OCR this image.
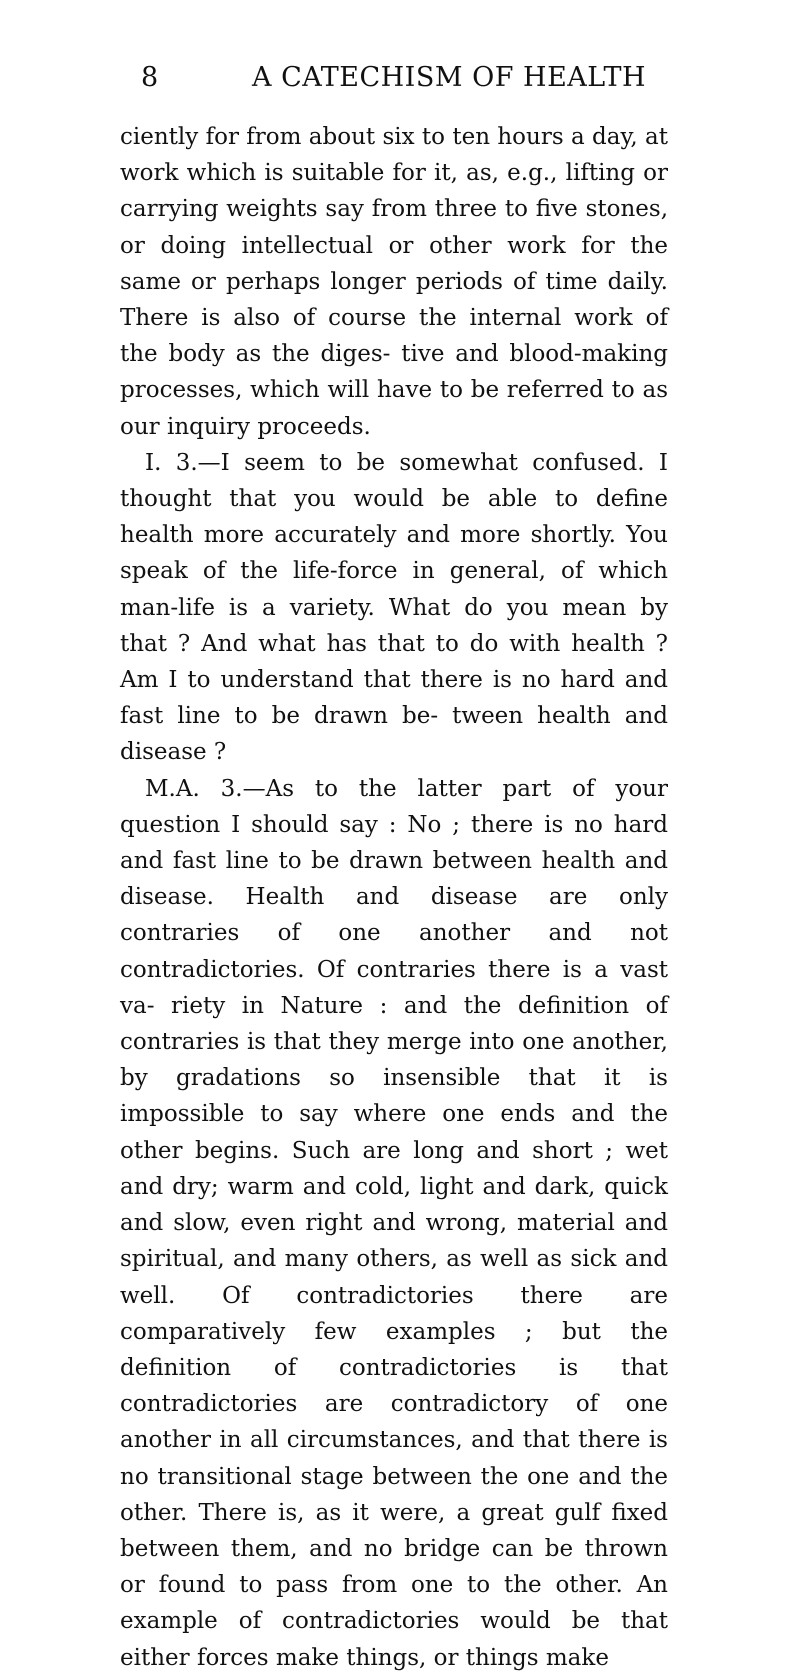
8	A CATECHISM OF HEALTH

ciently for from about six to ten hours a day, at work which is suitable for it, as, e.g., lifting or carrying weights say from three to five stones, or doing intellectual or other work for the same or perhaps longer periods of time daily. There is also of course the internal work of the body as the diges- tive and blood-making processes, which will have to be referred to as our inquiry proceeds.

I. 3.—I seem to be somewhat confused. I thought that you would be able to define health more accurately and more shortly. You speak of the life-force in general, of which man-life is a variety. What do you mean by that ? And what has that to do with health ? Am I to understand that there is no hard and fast line to be drawn be- tween health and disease ?

M.A. 3.—As to the latter part of your question I should say : No ; there is no hard and fast line to be drawn between health and disease. Health and disease are only contraries of one another and not contradictories. Of contraries there is a vast va- riety in Nature : and the definition of contraries is that they merge into one another, by gradations so insensible that it is impossible to say where one ends and the other begins. Such are long and short ; wet and dry; warm and cold, light and dark, quick and slow, even right and wrong, material and spiritual, and many others, as well as sick and well. Of contradictories there are comparatively few examples ; but the definition of contradictories is that contradictories are contradictory of one another in all circumstances, and that there is no transitional stage between the one and the other. There is, as it were, a great gulf fixed between them, and no bridge can be thrown or found to pass from one to the other. An example of contradictories would be that either forces make things, or things make
